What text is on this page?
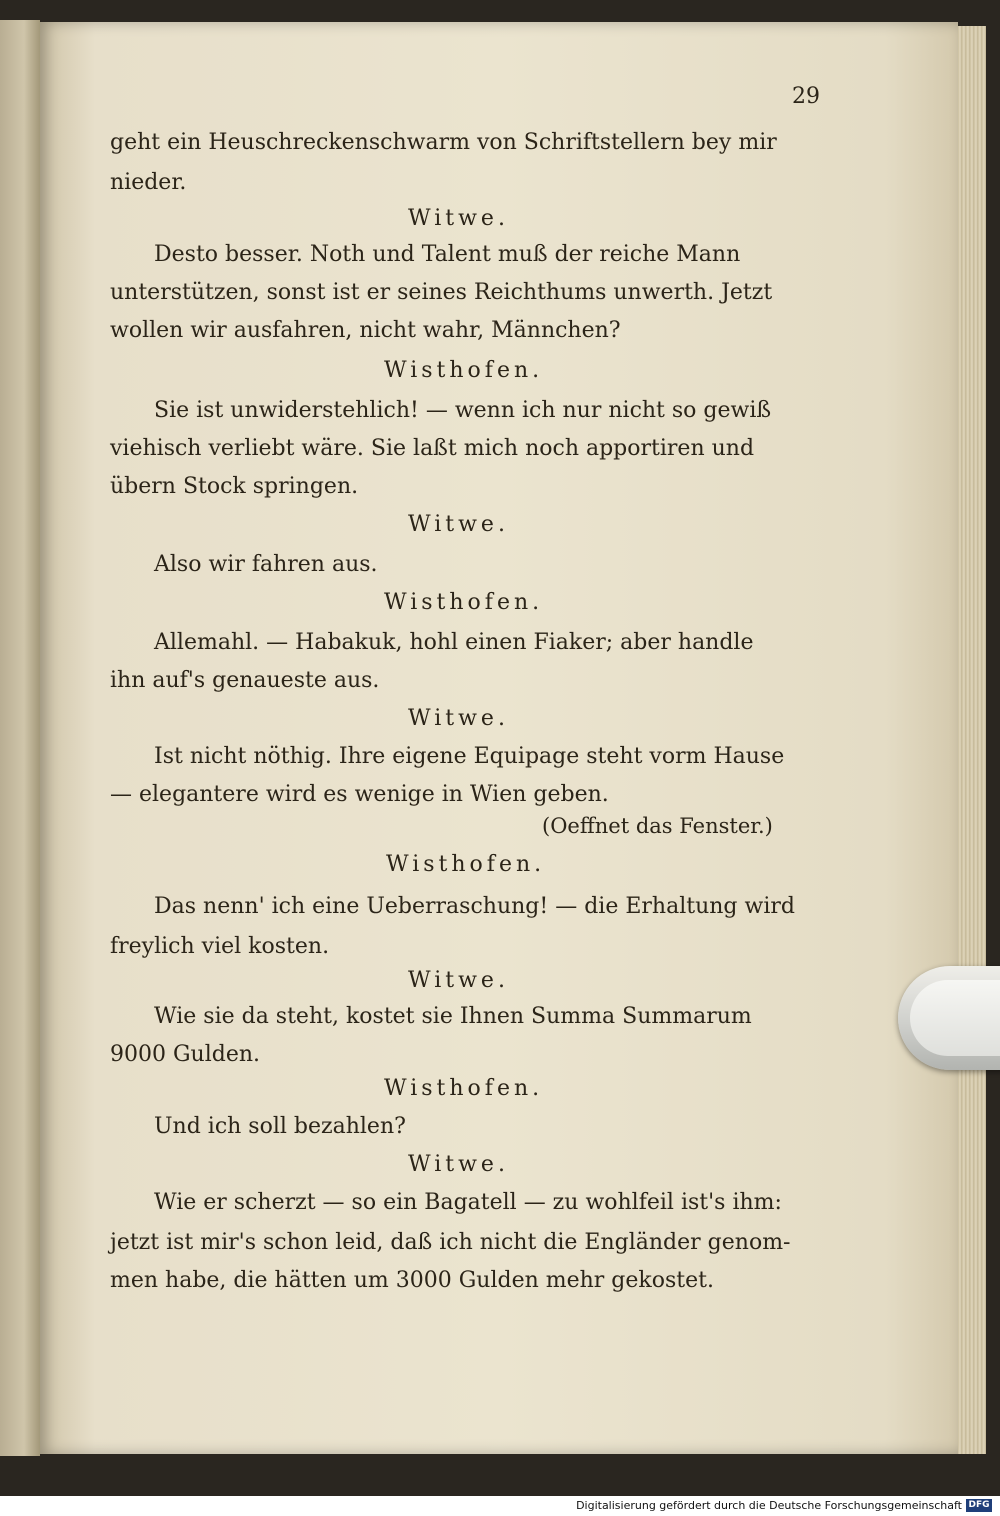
29
geht ein Heuschreckenschwarm von Schriftstellern bey mir
nieder.
Witwe.
Desto besser. Noth und Talent muß der reiche Mann
unterstützen, sonst ist er seines Reichthums unwerth. Jetzt
wollen wir ausfahren, nicht wahr, Männchen?
Wisthofen.
Sie ist unwiderstehlich! — wenn ich nur nicht so gewiß
viehisch verliebt wäre. Sie laßt mich noch apportiren und
übern Stock springen.
Witwe.
Also wir fahren aus.
Wisthofen.
Allemahl. — Habakuk, hohl einen Fiaker; aber handle
ihn auf's genaueste aus.
Witwe.
Ist nicht nöthig. Ihre eigene Equipage steht vorm Hause
— elegantere wird es wenige in Wien geben.
(Oeffnet das Fenster.)
Wisthofen.
Das nenn' ich eine Ueberraschung! — die Erhaltung wird
freylich viel kosten.
Witwe.
Wie sie da steht, kostet sie Ihnen Summa Summarum
9000 Gulden.
Wisthofen.
Und ich soll bezahlen?
Witwe.
Wie er scherzt — so ein Bagatell — zu wohlfeil ist's ihm:
jetzt ist mir's schon leid, daß ich nicht die Engländer genom-
men habe, die hätten um 3000 Gulden mehr gekostet.
Digitalisierung gefördert durch die Deutsche Forschungsgemeinschaft DFG
